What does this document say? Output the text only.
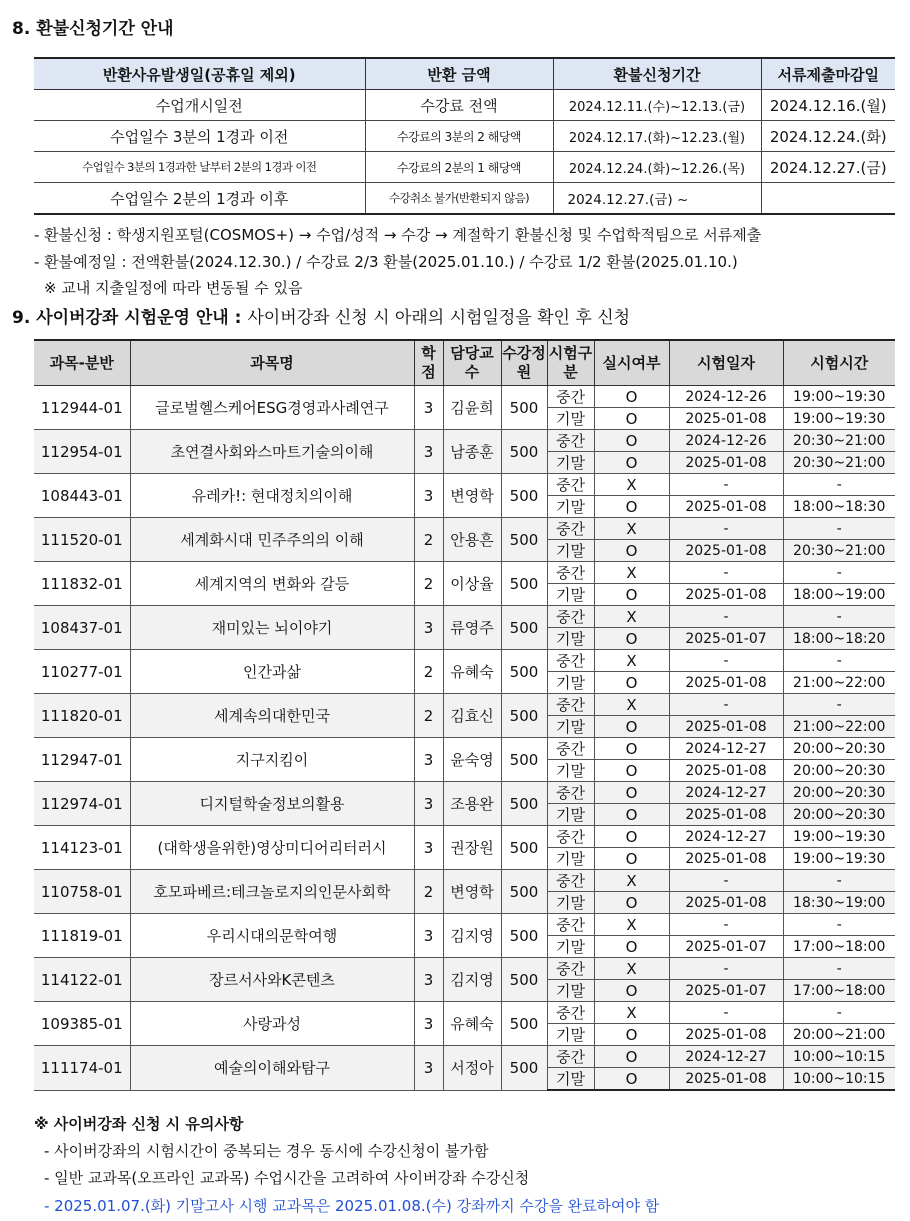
8. 환불신청기간 안내
반환사유발생일(공휴일 제외)	반환 금액	환불신청기간	서류제출마감일
수업개시일전	수강료 전액	2024.12.11.(수)~12.13.(금)	2024.12.16.(월)
수업일수 3분의 1경과 이전	수강료의 3분의 2 해당액	2024.12.17.(화)~12.23.(월)	2024.12.24.(화)
수업일수 3분의 1경과한 날부터 2분의 1경과 이전	수강료의 2분의 1 해당액	2024.12.24.(화)~12.26.(목)	2024.12.27.(금)
수업일수 2분의 1경과 이후	수강취소 불가(반환되지 않음)	2024.12.27.(금) ~	
- 환불신청 : 학생지원포털(COSMOS+) → 수업/성적 → 수강 → 계절학기 환불신청 및 수업학적팀으로 서류제출
- 환불예정일 : 전액환불(2024.12.30.) / 수강료 2/3 환불(2025.01.10.) / 수강료 1/2 환불(2025.01.10.)
※ 교내 지출일정에 따라 변동될 수 있음
9. 사이버강좌 시험운영 안내 : 사이버강좌 신청 시 아래의 시험일정을 확인 후 신청
과목-분반	과목명	학점	담당교수	수강정원	시험구분	실시여부	시험일자	시험시간
112944-01	글로벌헬스케어ESG경영과사례연구	3	김윤희	500	중간	O	2024-12-26	19:00~19:30
					기말	O	2025-01-08	19:00~19:30
112954-01	초연결사회와스마트기술의이해	3	남종훈	500	중간	O	2024-12-26	20:30~21:00
					기말	O	2025-01-08	20:30~21:00
108443-01	유레카!: 현대정치의이해	3	변영학	500	중간	X	-	-
					기말	O	2025-01-08	18:00~18:30
111520-01	세계화시대 민주주의의 이해	2	안용흔	500	중간	X	-	-
					기말	O	2025-01-08	20:30~21:00
111832-01	세계지역의 변화와 갈등	2	이상율	500	중간	X	-	-
					기말	O	2025-01-08	18:00~19:00
108437-01	재미있는 뇌이야기	3	류영주	500	중간	X	-	-
					기말	O	2025-01-07	18:00~18:20
110277-01	인간과삶	2	유혜숙	500	중간	X	-	-
					기말	O	2025-01-08	21:00~22:00
111820-01	세계속의대한민국	2	김효신	500	중간	X	-	-
					기말	O	2025-01-08	21:00~22:00
112947-01	지구지킴이	3	윤숙영	500	중간	O	2024-12-27	20:00~20:30
					기말	O	2025-01-08	20:00~20:30
112974-01	디지털학술정보의활용	3	조용완	500	중간	O	2024-12-27	20:00~20:30
					기말	O	2025-01-08	20:00~20:30
114123-01	(대학생을위한)영상미디어리터러시	3	권장원	500	중간	O	2024-12-27	19:00~19:30
					기말	O	2025-01-08	19:00~19:30
110758-01	호모파베르:테크놀로지의인문사회학	2	변영학	500	중간	X	-	-
					기말	O	2025-01-08	18:30~19:00
111819-01	우리시대의문학여행	3	김지영	500	중간	X	-	-
					기말	O	2025-01-07	17:00~18:00
114122-01	장르서사와K콘텐츠	3	김지영	500	중간	X	-	-
					기말	O	2025-01-07	17:00~18:00
109385-01	사랑과성	3	유혜숙	500	중간	X	-	-
					기말	O	2025-01-08	20:00~21:00
111174-01	예술의이해와탐구	3	서정아	500	중간	O	2024-12-27	10:00~10:15
					기말	O	2025-01-08	10:00~10:15
※ 사이버강좌 신청 시 유의사항
- 사이버강좌의 시험시간이 중복되는 경우 동시에 수강신청이 불가함
- 일반 교과목(오프라인 교과목) 수업시간을 고려하여 사이버강좌 수강신청
- 2025.01.07.(화) 기말고사 시행 교과목은 2025.01.08.(수) 강좌까지 수강을 완료하여야 함
